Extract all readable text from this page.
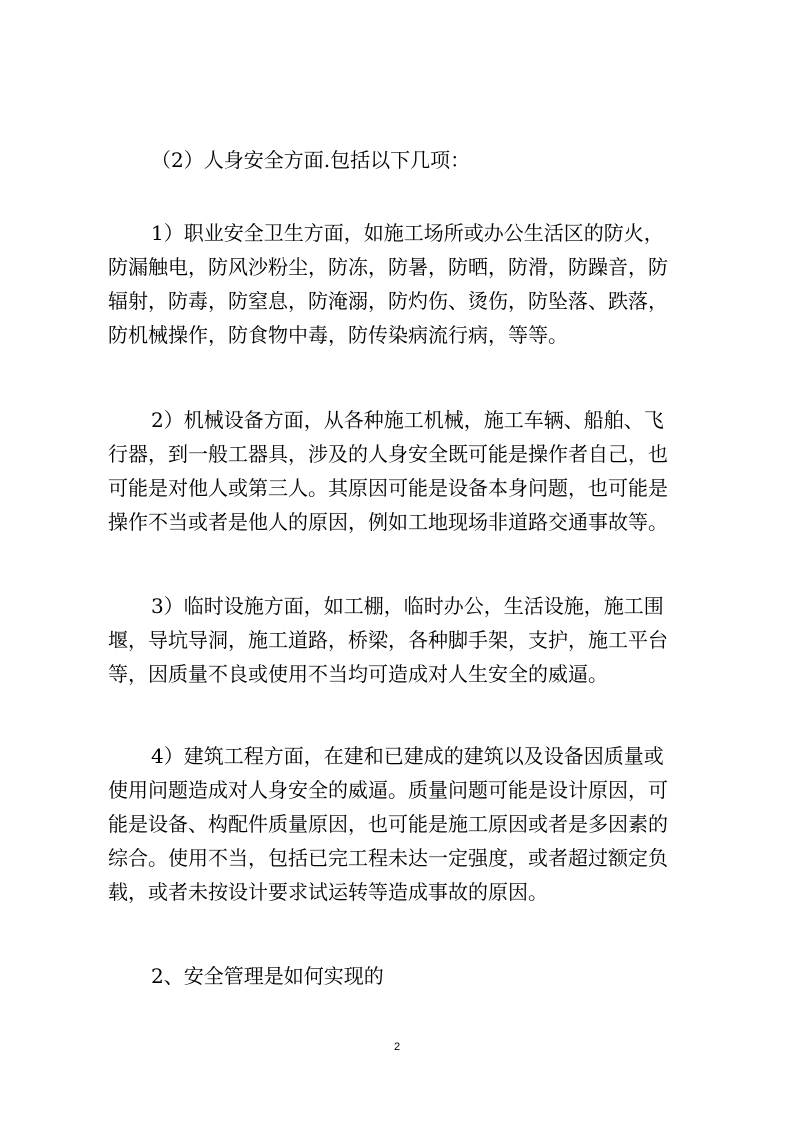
（2）人身安全方面.包括以下几项：
1）职业安全卫生方面，如施工场所或办公生活区的防火，
防漏触电，防风沙粉尘，防冻，防暑，防晒，防滑，防躁音，防
辐射，防毒，防窒息，防淹溺，防灼伤、烫伤，防坠落、跌落，
防机械操作，防食物中毒，防传染病流行病，等等。
2）机械设备方面，从各种施工机械，施工车辆、船舶、飞
行器，到一般工器具，涉及的人身安全既可能是操作者自己，也
可能是对他人或第三人。其原因可能是设备本身问题，也可能是
操作不当或者是他人的原因，例如工地现场非道路交通事故等。
3）临时设施方面，如工棚，临时办公，生活设施，施工围
堰，导坑导洞，施工道路，桥梁，各种脚手架，支护，施工平台
等，因质量不良或使用不当均可造成对人生安全的威逼。
4）建筑工程方面，在建和已建成的建筑以及设备因质量或
使用问题造成对人身安全的威逼。质量问题可能是设计原因，可
能是设备、构配件质量原因，也可能是施工原因或者是多因素的
综合。使用不当，包括已完工程未达一定强度，或者超过额定负
载，或者未按设计要求试运转等造成事故的原因。
2、安全管理是如何实现的
2
